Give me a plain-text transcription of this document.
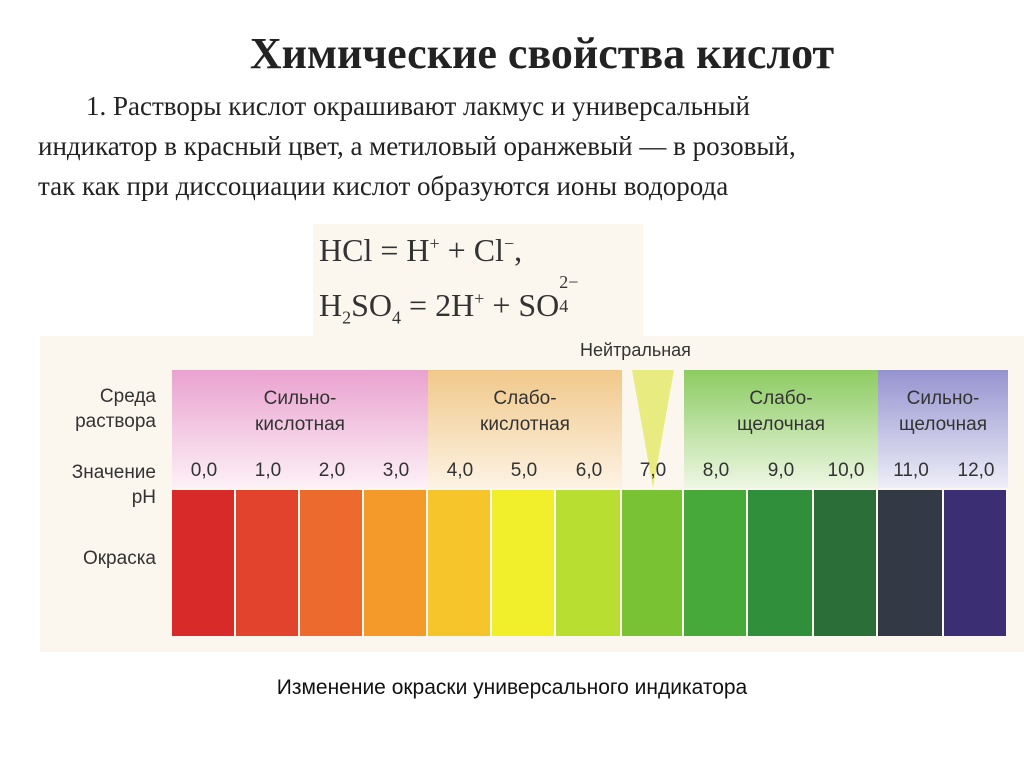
Химические свойства кислот
1. Растворы кислот окрашивают лакмус и универсальный
индикатор в красный цвет, а метиловый оранжевый — в розовый,
так как при диссоциации кислот образуются ионы водорода
HCl = H+ + Cl−,
$H_2SO_4 = 2H^+$ + SO
2−
4
Нейтральная
Среда
раствора
Значение
pH
Окраска
Сильно-
кислотная
Слабо-
кислотная
Слабо-
щелочная
Сильно-
щелочная
0,0	1,0	2,0	3,0	4,0	5,0	6,0	7,0	8,0	9,0	10,0	11,0	12,0
Изменение окраски универсального индикатора
